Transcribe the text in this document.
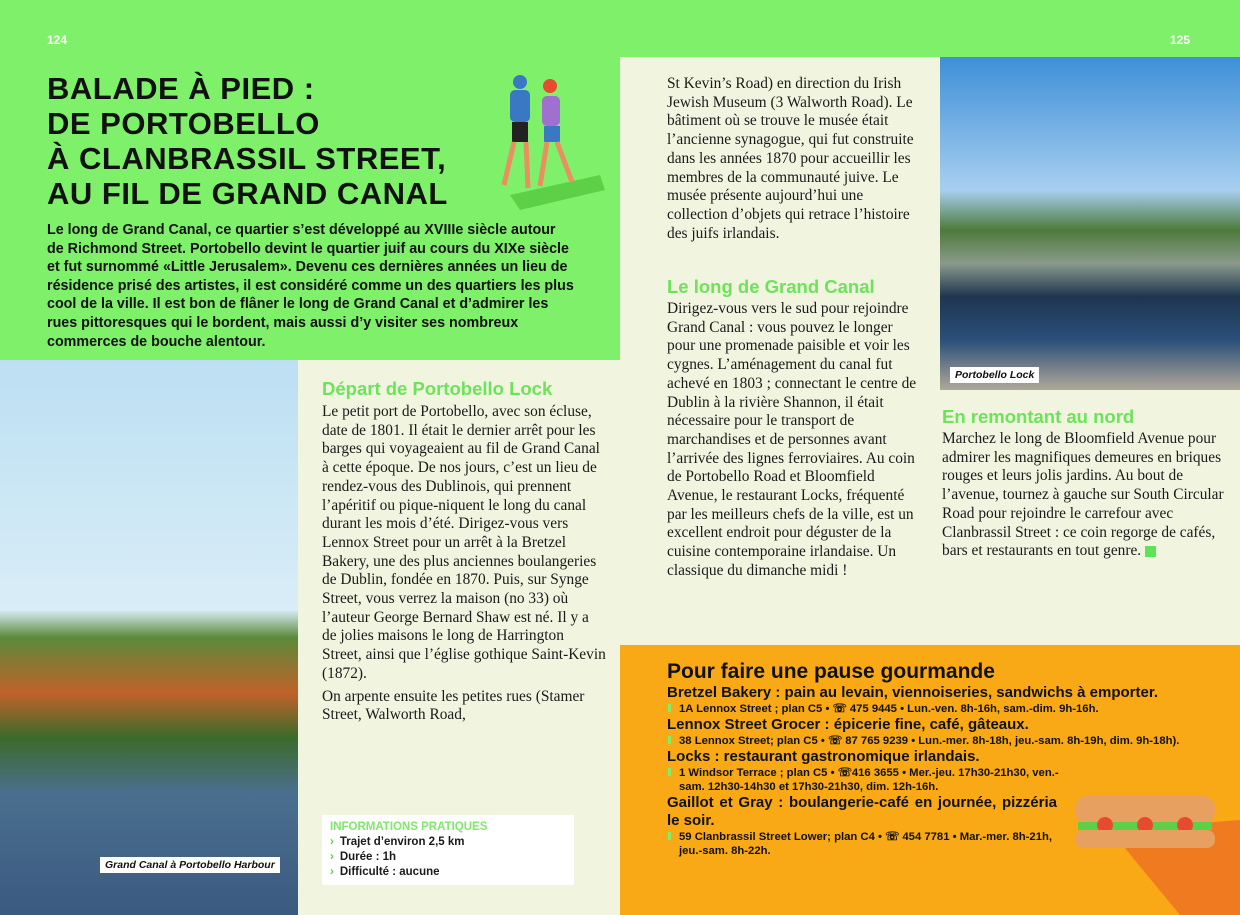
124	125
BALADE À PIED :
DE PORTOBELLO
À CLANBRASSIL STREET,
AU FIL DE GRAND CANAL

Le long de Grand Canal, ce quartier s’est développé au XVIIIe siècle autour de Richmond Street. Portobello devint le quartier juif au cours du XIXe siècle et fut surnommé «Little Jerusalem». Devenu ces dernières années un lieu de résidence prisé des artistes, il est considéré comme un des quartiers les plus cool de la ville. Il est bon de flâner le long de Grand Canal et d’admirer les rues pittoresques qui le bordent, mais aussi d’y visiter ses nombreux commerces de bouche alentour.

Grand Canal à Portobello Harbour
Départ de Portobello Lock

Le petit port de Portobello, avec son écluse, date de 1801. Il était le dernier arrêt pour les barges qui voyageaient au fil de Grand Canal à cette époque. De nos jours, c’est un lieu de rendez-vous des Dublinois, qui prennent l’apéritif ou pique-niquent le long du canal durant les mois d’été. Dirigez-vous vers Lennox Street pour un arrêt à la Bretzel Bakery, une des plus anciennes boulangeries de Dublin, fondée en 1870. Puis, sur Synge Street, vous verrez la maison (no 33) où l’auteur George Bernard Shaw est né. Il y a de jolies maisons le long de Harrington Street, ainsi que l’église gothique Saint-Kevin (1872).

On arpente ensuite les petites rues (Stamer Street, Walworth Road,

INFORMATIONS PRATIQUES
› Trajet d’environ 2,5 km
› Durée : 1h
› Difficulté : aucune
St Kevin’s Road) en direction du Irish Jewish Museum (3 Walworth Road). Le bâtiment où se trouve le musée était l’ancienne synagogue, qui fut construite dans les années 1870 pour accueillir les membres de la communauté juive. Le musée présente aujourd’hui une collection d’objets qui retrace l’histoire des juifs irlandais.
Le long de Grand Canal

Dirigez-vous vers le sud pour rejoindre Grand Canal : vous pouvez le longer pour une promenade paisible et voir les cygnes. L’aménagement du canal fut achevé en 1803 ; connectant le centre de Dublin à la rivière Shannon, il était nécessaire pour le transport de marchandises et de personnes avant l’arrivée des lignes ferroviaires. Au coin de Portobello Road et Bloomfield Avenue, le restaurant Locks, fréquenté par les meilleurs chefs de la ville, est un excellent endroit pour déguster de la cuisine contemporaine irlandaise. Un classique du dimanche midi !

Portobello Lock
En remontant au nord

Marchez le long de Bloomfield Avenue pour admirer les magnifiques demeures en briques rouges et leurs jolis jardins. Au bout de l’avenue, tournez à gauche sur South Circular Road pour rejoindre le carrefour avec Clanbrassil Street : ce coin regorge de cafés, bars et restaurants en tout genre.

Pour faire une pause gourmande
Bretzel Bakery : pain au levain, viennoiseries, sandwichs à emporter.
1A Lennox Street ; plan C5 • ☏ 475 9445 • Lun.-ven. 8h-16h, sam.-dim. 9h-16h.
Lennox Street Grocer : épicerie fine, café, gâteaux.
38 Lennox Street; plan C5 • ☏ 87 765 9239 • Lun.-mer. 8h-18h, jeu.-sam. 8h-19h, dim. 9h-18h).
Locks : restaurant gastronomique irlandais.
1 Windsor Terrace ; plan C5 • ☏416 3655 • Mer.-jeu. 17h30-21h30, ven.-sam. 12h30-14h30 et 17h30-21h30, dim. 12h-16h.
Gaillot et Gray : boulangerie-café en journée, pizzéria le soir.
59 Clanbrassil Street Lower; plan C4 • ☏ 454 7781 • Mar.-mer. 8h-21h, jeu.-sam. 8h-22h.
